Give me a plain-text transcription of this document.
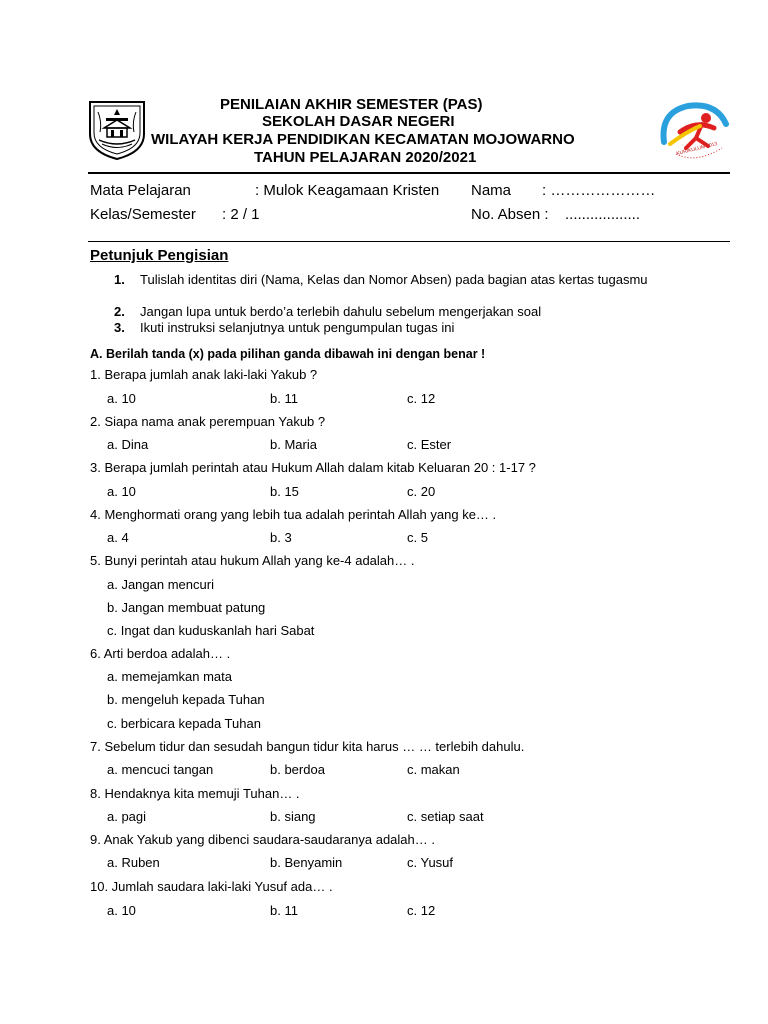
PENILAIAN AKHIR SEMESTER (PAS)
SEKOLAH DASAR NEGERI
WILAYAH KERJA PENDIDIKAN KECAMATAN MOJOWARNO
TAHUN PELAJARAN 2020/2021	KURIKULUM 2013
Mata Pelajaran	: Mulok Keagamaan Kristen Nama : …………………
Kelas/Semester : 2 / 1	No. Absen : ..................
Petunjuk Pengisian
1. Tulislah identitas diri (Nama, Kelas dan Nomor Absen) pada bagian atas kertas tugasmu
2. Jangan lupa untuk berdo’a terlebih dahulu sebelum mengerjakan soal
3. Ikuti instruksi selanjutnya untuk pengumpulan tugas ini
A. Berilah tanda (x) pada pilihan ganda dibawah ini dengan benar !
1. Berapa jumlah anak laki-laki Yakub ?
a. 10	b. 11	c. 12
2. Siapa nama anak perempuan Yakub ?
a. Dina	b. Maria	c. Ester
3. Berapa jumlah perintah atau Hukum Allah dalam kitab Keluaran 20 : 1-17 ?
a. 10	b. 15	c. 20
4. Menghormati orang yang lebih tua adalah perintah Allah yang ke… .
a. 4	b. 3	c. 5
5. Bunyi perintah atau hukum Allah yang ke-4 adalah… .
a. Jangan mencuri
b. Jangan membuat patung
c. Ingat dan kuduskanlah hari Sabat
6. Arti berdoa adalah… .
a. memejamkan mata
b. mengeluh kepada Tuhan
c. berbicara kepada Tuhan
7. Sebelum tidur dan sesudah bangun tidur kita harus … … terlebih dahulu.
a. mencuci tangan	b. berdoa	c. makan
8. Hendaknya kita memuji Tuhan… .
a. pagi	b. siang	c. setiap saat
9. Anak Yakub yang dibenci saudara-saudaranya adalah… .
a. Ruben	b. Benyamin	c. Yusuf
10. Jumlah saudara laki-laki Yusuf ada… .
a. 10	b. 11	c. 12
